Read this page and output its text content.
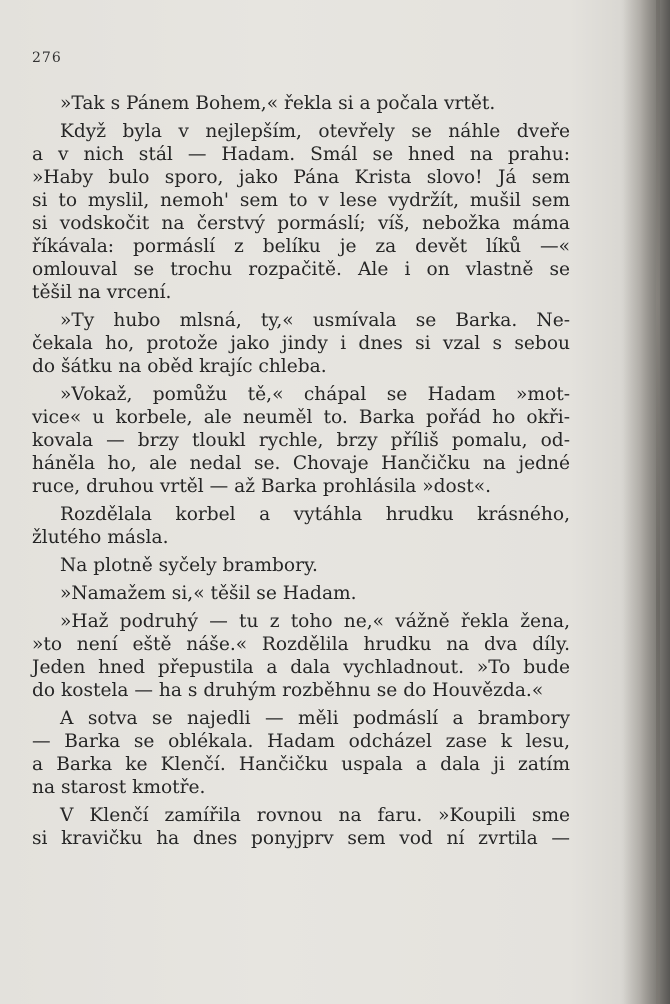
276
»Tak s Pánem Bohem,« řekla si a počala vrtět.
Když byla v nejlepším, otevřely se náhle dveře
a v nich stál — Hadam. Smál se hned na prahu:
»Haby bulo sporo, jako Pána Krista slovo! Já sem
si to myslil, nemoh' sem to v lese vydržít, mušil sem
si vodskočit na čerstvý pormáslí; víš, nebožka máma
říkávala: pormáslí z belíku je za devět líků —«
omlouval se trochu rozpačitě. Ale i on vlastně se
těšil na vrcení.
»Ty hubo mlsná, ty,« usmívala se Barka. Ne-
čekala ho, protože jako jindy i dnes si vzal s sebou
do šátku na oběd krajíc chleba.
»Vokaž, pomůžu tě,« chápal se Hadam »mot-
vice« u korbele, ale neuměl to. Barka pořád ho okři-
kovala — brzy tloukl rychle, brzy příliš pomalu, od-
háněla ho, ale nedal se. Chovaje Hančičku na jedné
ruce, druhou vrtěl — až Barka prohlásila »dost«.
Rozdělala korbel a vytáhla hrudku krásného,
žlutého másla.
Na plotně syčely brambory.
»Namažem si,« těšil se Hadam.
»Haž podruhý — tu z toho ne,« vážně řekla žena,
»to není eště náše.« Rozdělila hrudku na dva díly.
Jeden hned přepustila a dala vychladnout. »To bude
do kostela — ha s druhým rozběhnu se do Houvězda.«
A sotva se najedli — měli podmáslí a brambory
— Barka se oblékala. Hadam odcházel zase k lesu,
a Barka ke Klenčí. Hančičku uspala a dala ji zatím
na starost kmotře.
V Klenčí zamířila rovnou na faru. »Koupili sme
si kravičku ha dnes ponyjprv sem vod ní zvrtila —
